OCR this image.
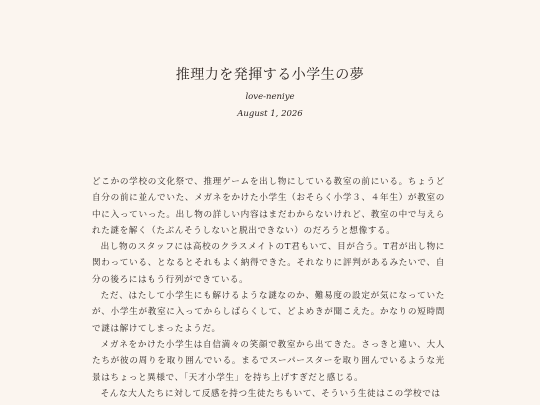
推理力を発揮する小学生の夢
love-neniye
August 1, 2026

どこかの学校の文化祭で、推理ゲームを出し物にしている教室の前にいる。ちょうど自分の前に並んでいた、メガネをかけた小学生（おそらく小学３、４年生）が教室の中に入っていった。出し物の詳しい内容はまだわからないけれど、教室の中で与えられた謎を解く（たぶんそうしないと脱出できない）のだろうと想像する。

出し物のスタッフには高校のクラスメイトのT君もいて、目が合う。T君が出し物に関わっている、となるとそれもよく納得できた。それなりに評判があるみたいで、自分の後ろにはもう行列ができている。

ただ、はたして小学生にも解けるような謎なのか、難易度の設定が気になっていたが、小学生が教室に入ってからしばらくして、どよめきが聞こえた。かなりの短時間で謎は解けてしまったようだ。

メガネをかけた小学生は自信満々の笑顔で教室から出てきた。さっきと違い、大人たちが彼の周りを取り囲んでいる。まるでスーパースターを取り囲んでいるような光景はちょっと異様で、「天才小学生」を持ち上げすぎだと感じる。

そんな大人たちに対して反感を持つ生徒たちもいて、そういう生徒はこの学校では
